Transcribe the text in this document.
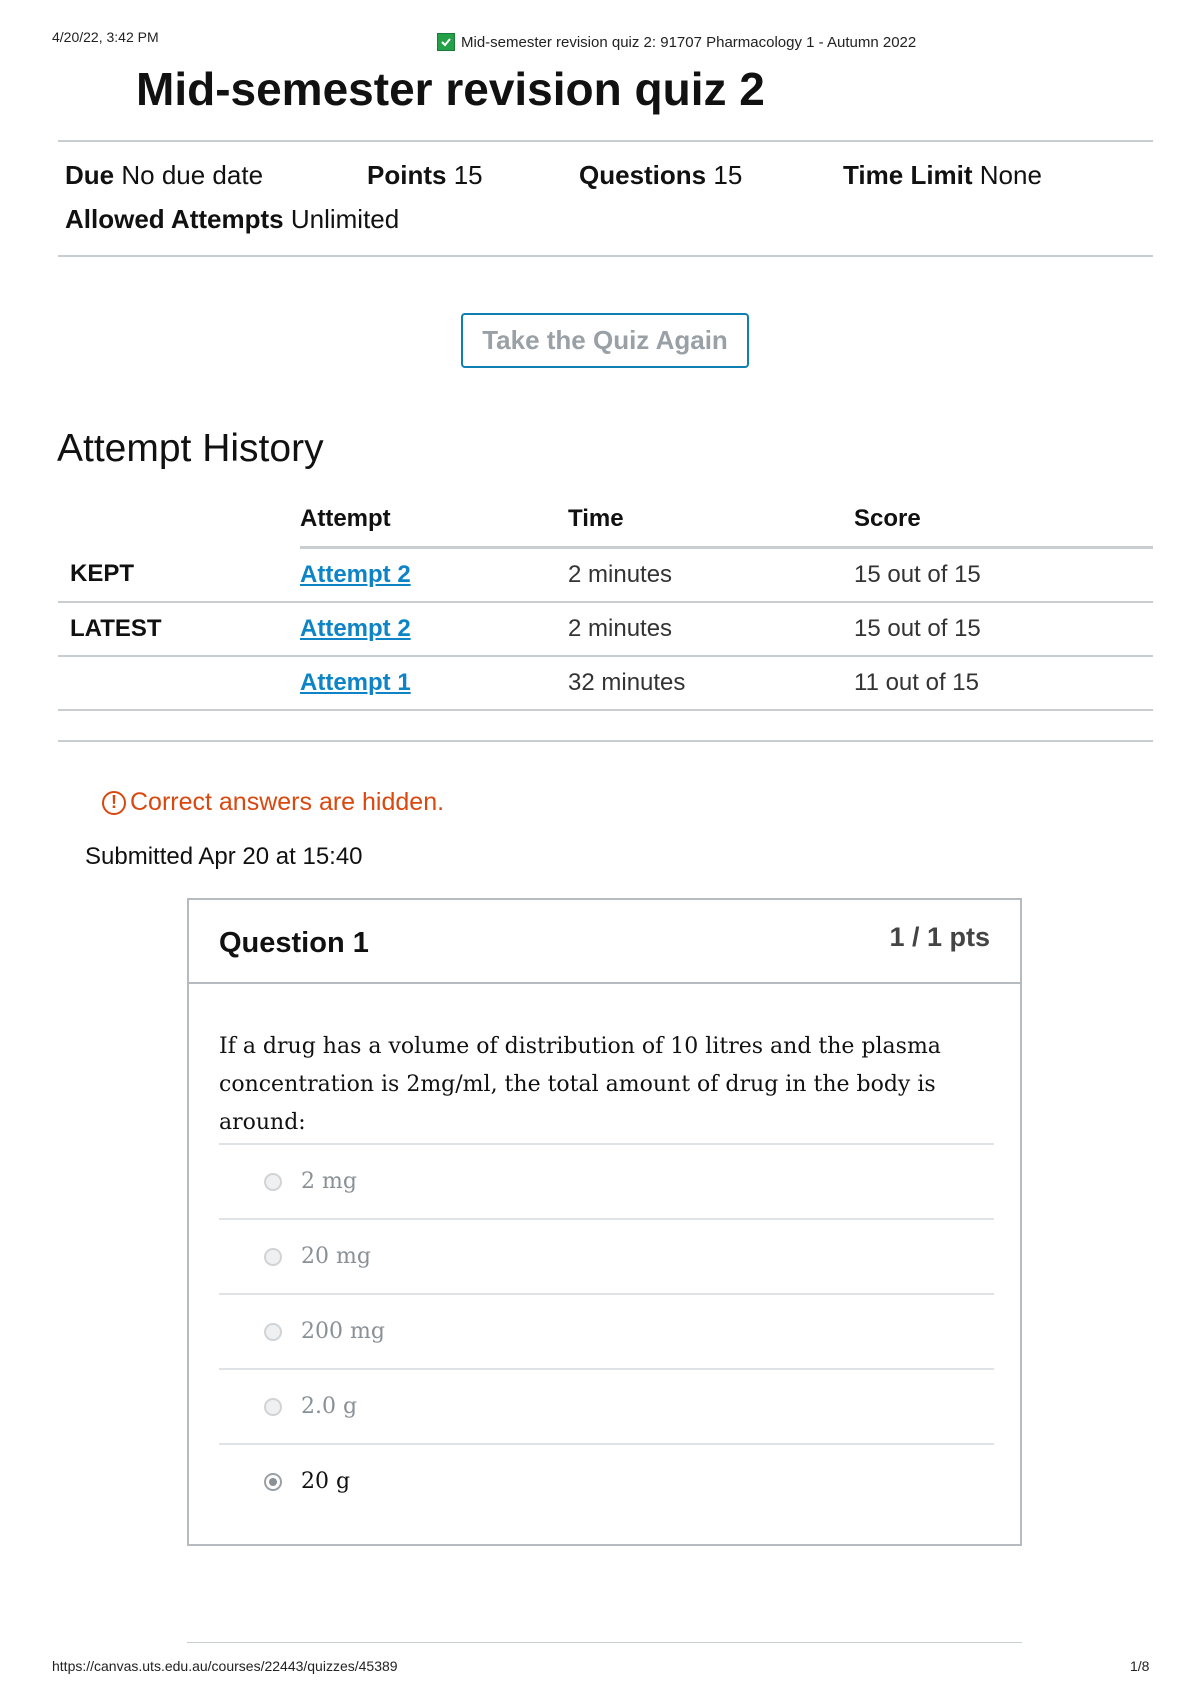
4/20/22, 3:42 PM	Mid-semester revision quiz 2: 91707 Pharmacology 1 - Autumn 2022
Mid-semester revision quiz 2
Due No due date	Points 15	Questions 15	Time Limit None
Allowed Attempts Unlimited
Take the Quiz Again
Attempt History
	Attempt	Time	Score
KEPT	Attempt 2	2 minutes	15 out of 15
LATEST	Attempt 2	2 minutes	15 out of 15
	Attempt 1	32 minutes	11 out of 15
! Correct answers are hidden.
Submitted Apr 20 at 15:40
Question 1	1 / 1 pts
If a drug has a volume of distribution of 10 litres and the plasma concentration is 2mg/ml, the total amount of drug in the body is around:
2 mg
20 mg
200 mg
2.0 g
20 g
https://canvas.uts.edu.au/courses/22443/quizzes/45389	1/8
